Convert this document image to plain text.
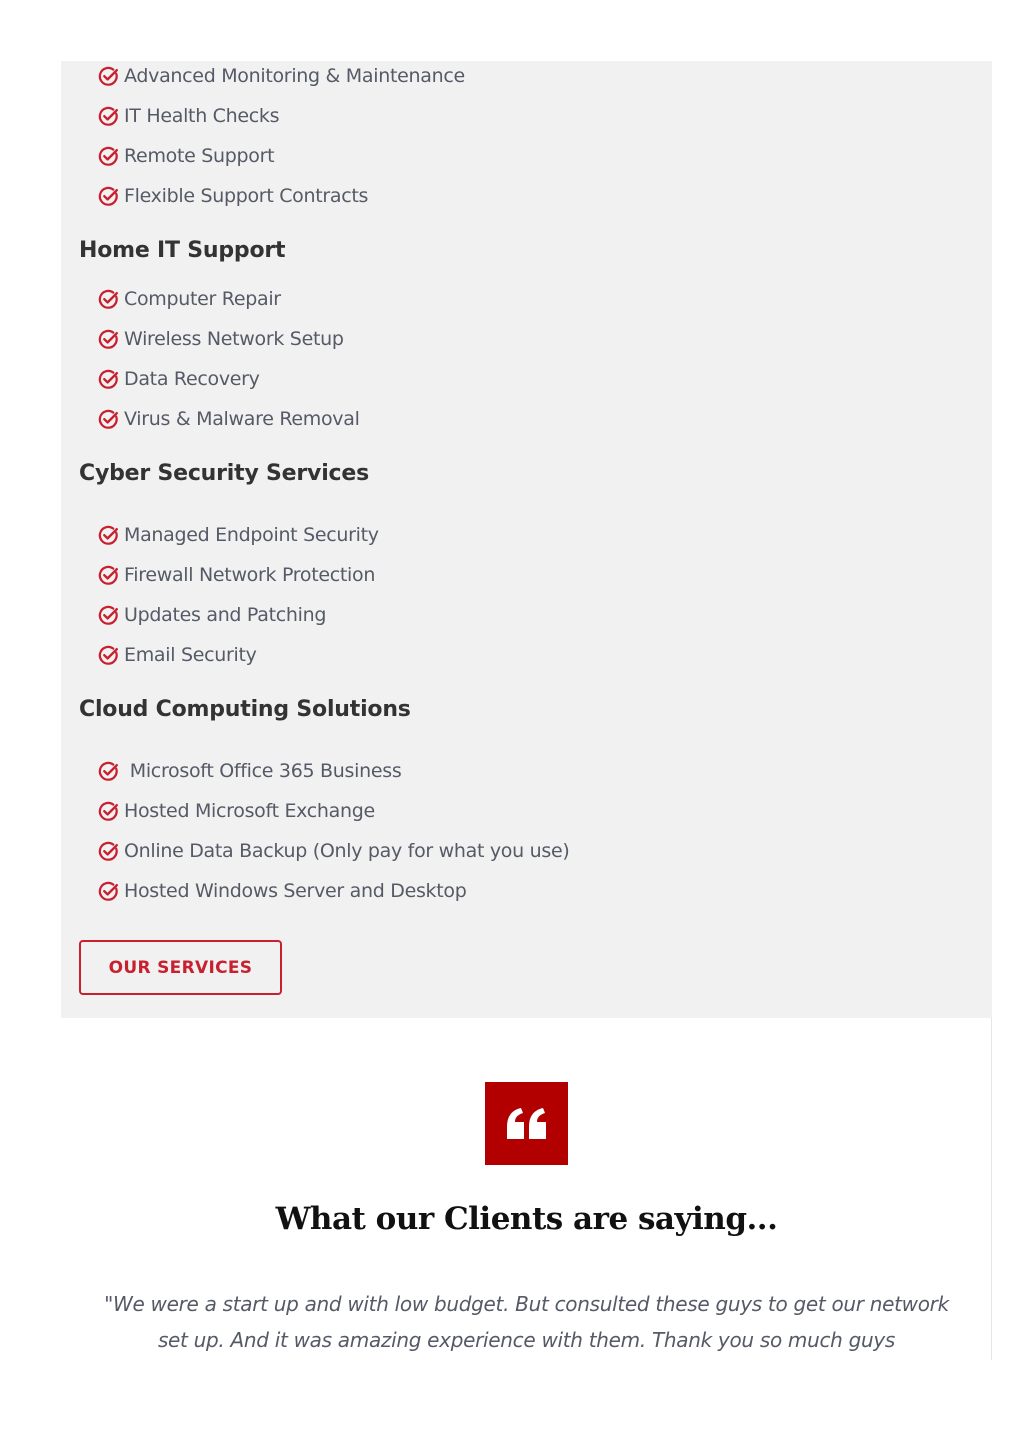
Advanced Monitoring & Maintenance
IT Health Checks
Remote Support
Flexible Support Contracts
Home IT Support
Computer Repair
Wireless Network Setup
Data Recovery
Virus & Malware Removal
Cyber Security Services
Managed Endpoint Security
Firewall Network Protection
Updates and Patching
Email Security
Cloud Computing Solutions
Microsoft Office 365 Business
Hosted Microsoft Exchange
Online Data Backup (Only pay for what you use)
Hosted Windows Server and Desktop
OUR SERVICES
What our Clients are saying...

"We were a start up and with low budget. But consulted these guys to get our network set up. And it was amazing experience with them. Thank you so much guys
